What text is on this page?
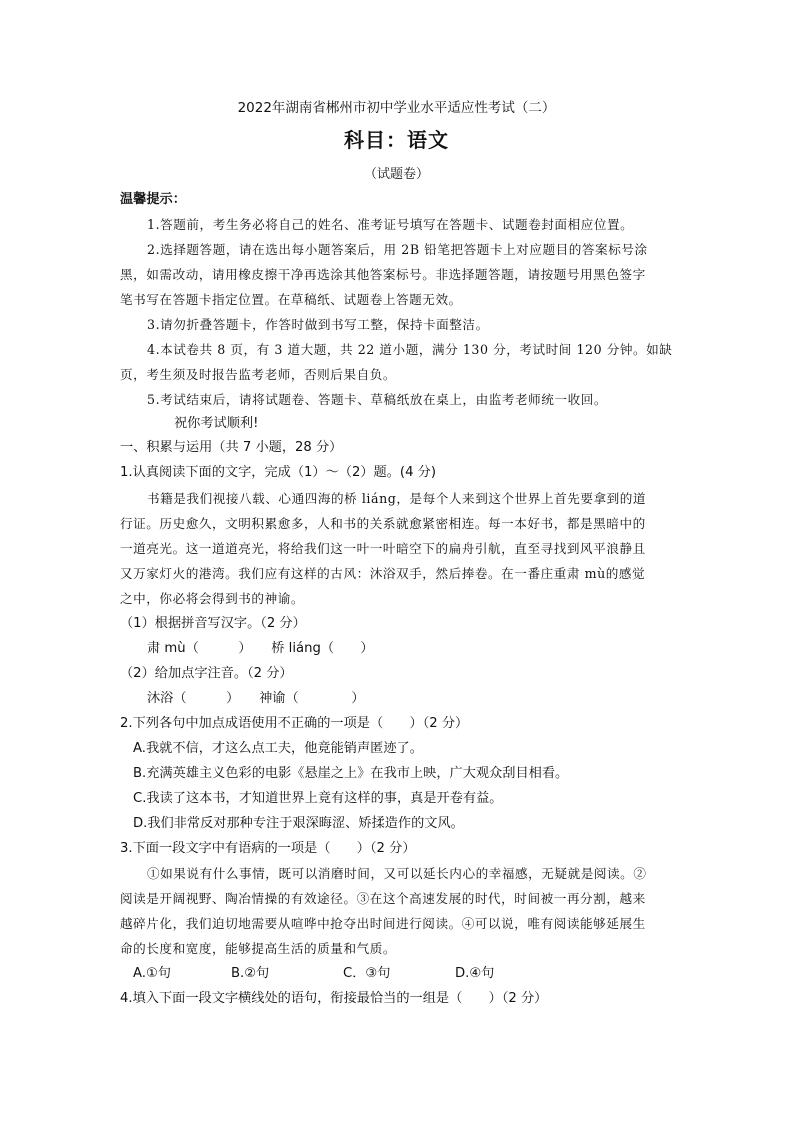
2022年湖南省郴州市初中学业水平适应性考试（二）
科目：语文
（试题卷）
温馨提示：
1.答题前，考生务必将自己的姓名、准考证号填写在答题卡、试题卷封面相应位置。
2.选择题答题，请在选出每小题答案后，用 2B 铅笔把答题卡上对应题目的答案标号涂
黑，如需改动，请用橡皮擦干净再选涂其他答案标号。非选择题答题，请按题号用黑色签字
笔书写在答题卡指定位置。在草稿纸、试题卷上答题无效。
3.请勿折叠答题卡，作答时做到书写工整，保持卡面整洁。
4.本试卷共 8 页，有 3 道大题，共 22 道小题，满分 130 分，考试时间 120 分钟。如缺
页，考生须及时报告监考老师，否则后果自负。
5.考试结束后，请将试题卷、答题卡、草稿纸放在桌上，由监考老师统一收回。
祝你考试顺利!
一、积累与运用（共 7 小题，28 分）
1.认真阅读下面的文字，完成（1）～（2）题。(4 分)
书籍是我们视接八载、心通四海的桥 liáng，是每个人来到这个世界上首先要拿到的道
行证。历史愈久，文明积累愈多，人和书的关系就愈紧密相连。每一本好书，都是黑暗中的
一道亮光。这一道道亮光，将给我们这一叶一叶暗空下的扁舟引航，直至寻找到风平浪静且
又万家灯火的港湾。我们应有这样的古风：沐浴双手，然后捧卷。在一番庄重肃 mù的感觉
之中，你必将会得到书的神谕。
（1）根据拼音写汉字。（2 分）
肃 mù（　　　）　　桥 liáng（　　）
（2）给加点字注音。（2 分）
沐浴（　　　）　　神谕（　　　　）
2.下列各句中加点成语使用不正确的一项是（　　）（2 分）
A.我就不信，才这么点工夫，他竟能销声匿迹了。
B.充满英雄主义色彩的电影《悬崖之上》在我市上映，广大观众刮目相看。
C.我读了这本书，才知道世界上竟有这样的事，真是开卷有益。
D.我们非常反对那种专注于艰深晦涩、矫揉造作的文风。
3.下面一段文字中有语病的一项是（　　）（2 分）
①如果说有什么事情，既可以消磨时间，又可以延长内心的幸福感，无疑就是阅读。②
阅读是开阔视野、陶冶情操的有效途径。③在这个高速发展的时代，时间被一再分割，越来
越碎片化，我们迫切地需要从喧哗中抢夺出时间进行阅读。④可以说，唯有阅读能够延展生
命的长度和宽度，能够提高生活的质量和气质。
A.①句	B.②句	C．③句	D.④句
4.填入下面一段文字横线处的语句，衔接最恰当的一组是（　　）（2 分）
